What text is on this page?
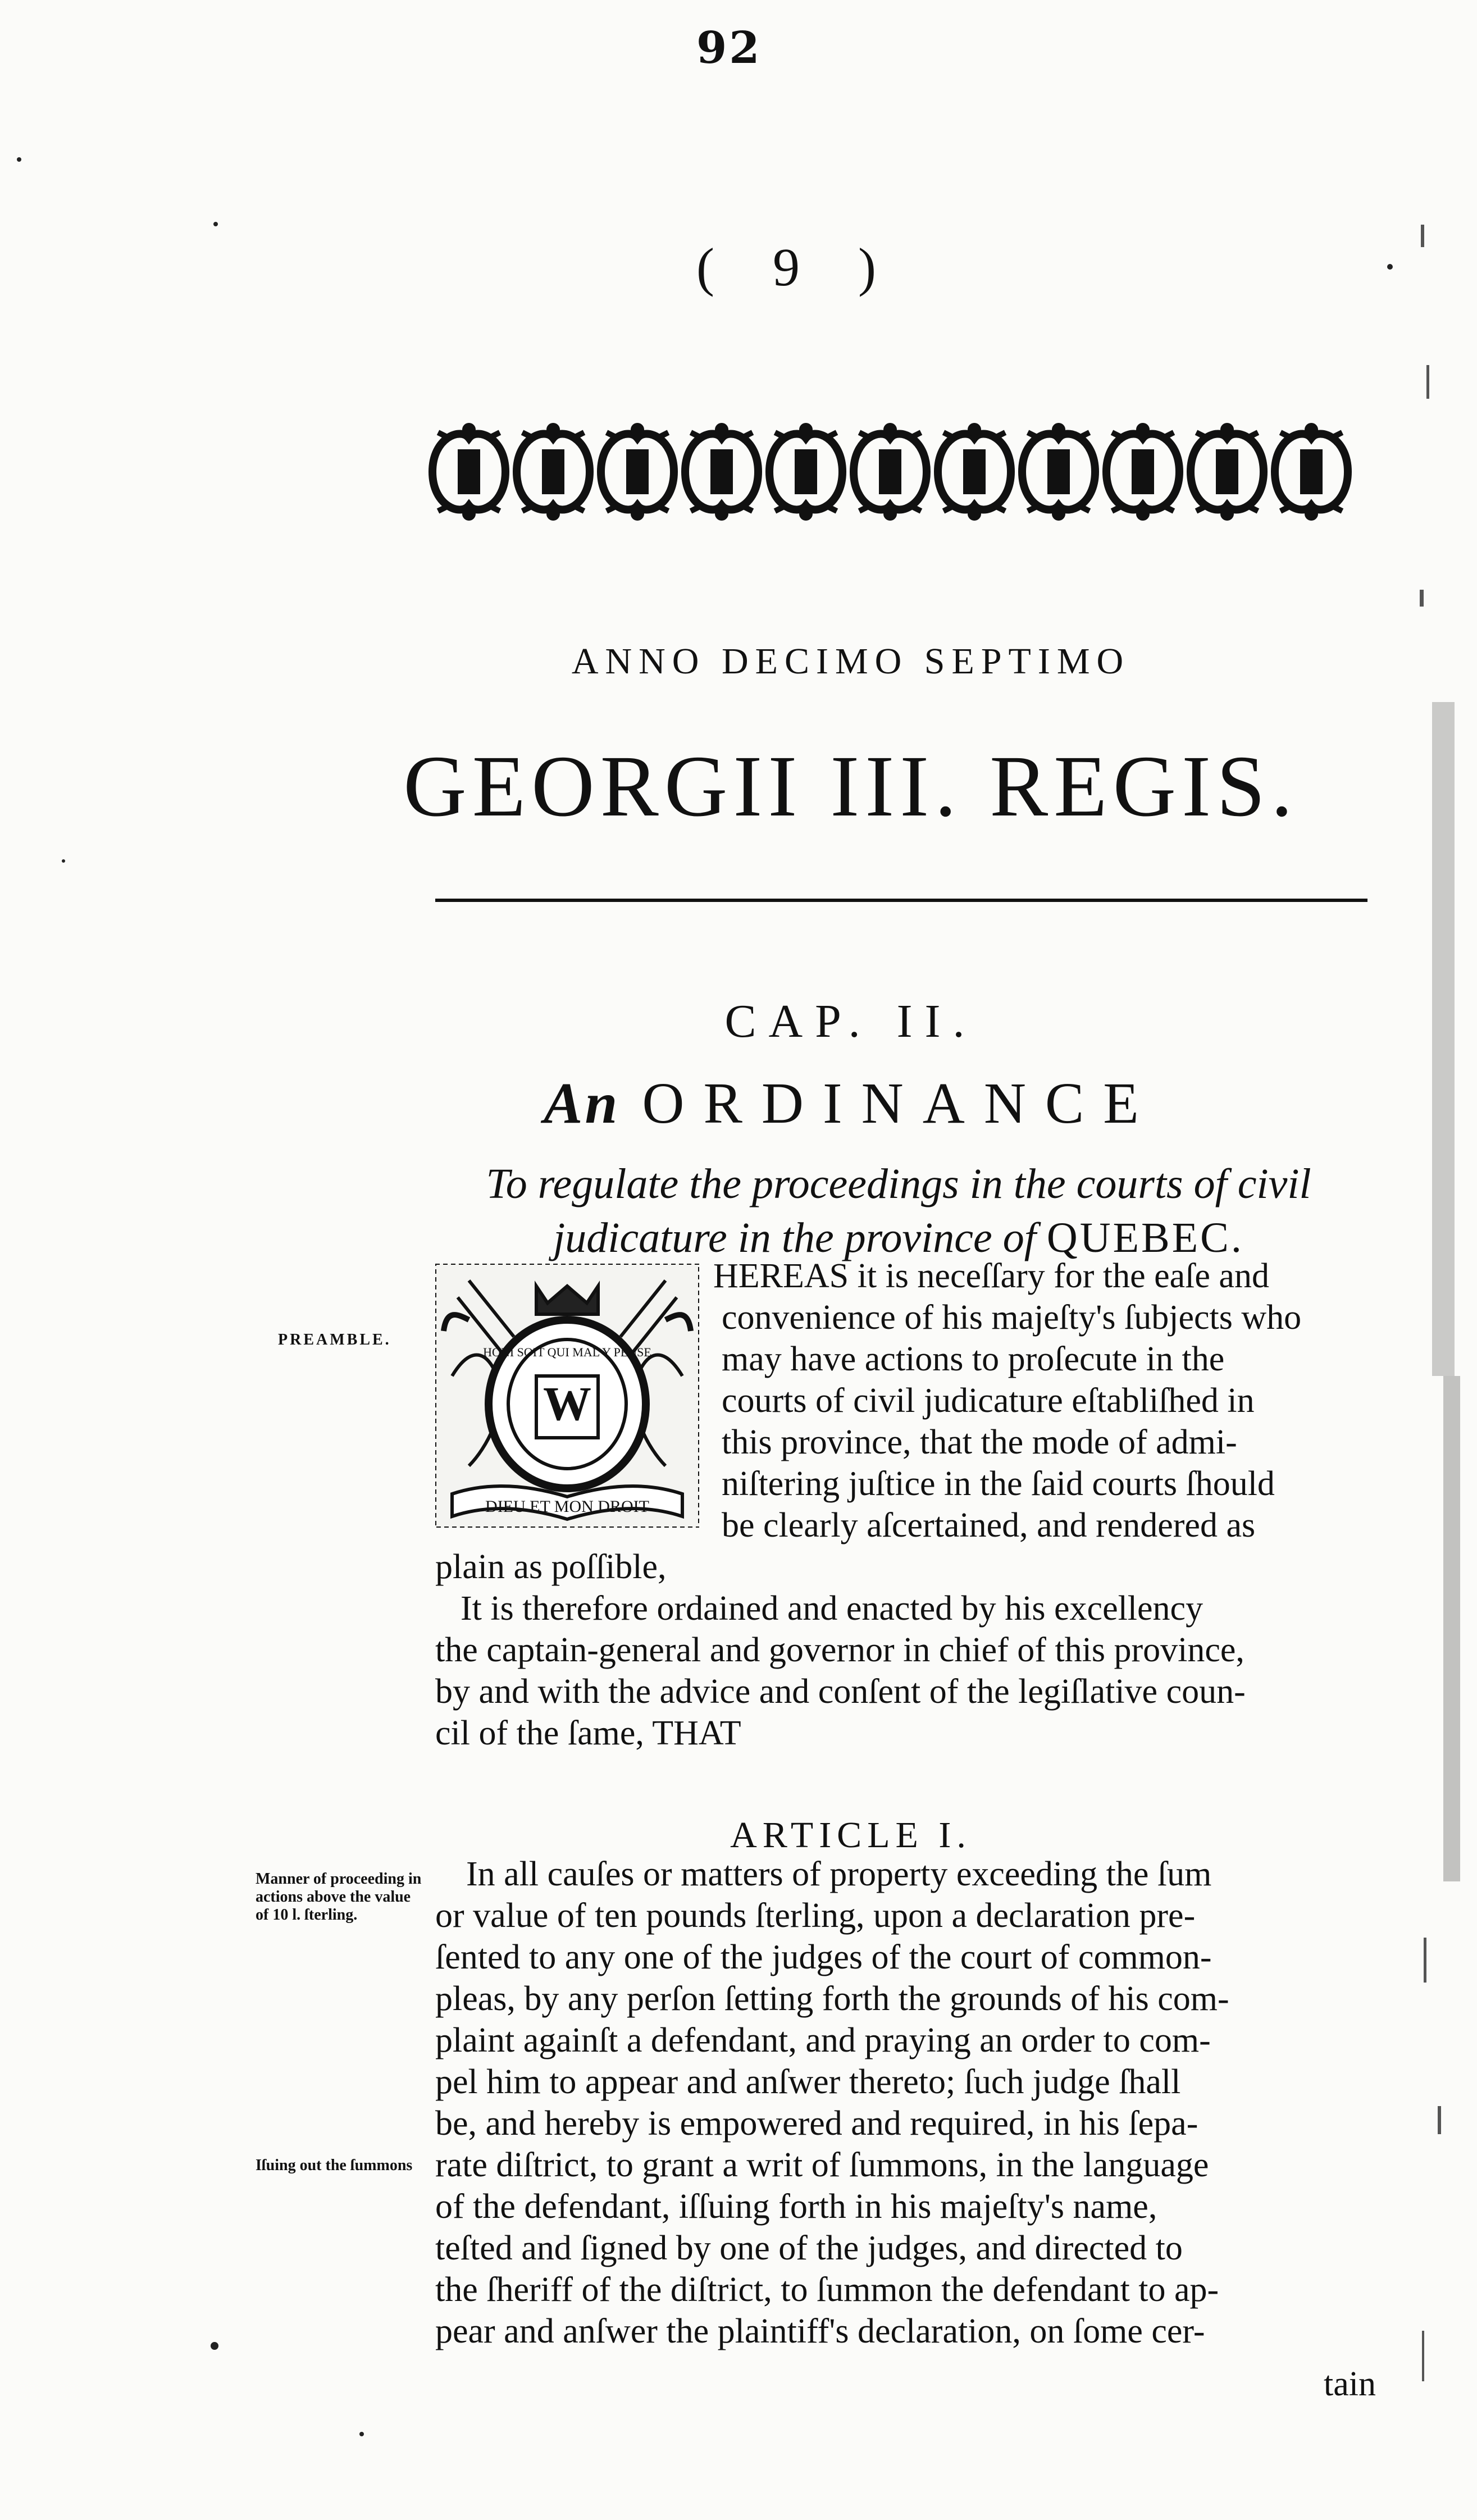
92
( 9 )
ANNO DECIMO SEPTIMO
GEORGII III. REGIS.
CAP. II.
An ORDINANCE
To regulate the proceedings in the courts of civil
judicature in the province of QUEBEC.
W
DIEU ET MON DROIT
HONI SOIT QUI MAL Y PENSE
PREAMBLE.
Manner of proceeding in actions above the value of 10 l. ſterling.
Iſuing out the ſummons
HEREAS it is neceſſary for the eaſe and
convenience of his majeſty's ſubjects who
may have actions to proſecute in the
courts of civil judicature eſtabliſhed in
this province, that the mode of admi-
niſtering juſtice in the ſaid courts ſhould
be clearly aſcertained, and rendered as
plain as poſſible,
It is therefore ordained and enacted by his excellency
the captain-general and governor in chief of this province,
by and with the advice and conſent of the legiſlative coun-
cil of the ſame, THAT
ARTICLE I.
In all cauſes or matters of property exceeding the ſum
or value of ten pounds ſterling, upon a declaration pre-
ſented to any one of the judges of the court of common-
pleas, by any perſon ſetting forth the grounds of his com-
plaint againſt a defendant, and praying an order to com-
pel him to appear and anſwer thereto; ſuch judge ſhall
be, and hereby is empowered and required, in his ſepa-
rate diſtrict, to grant a writ of ſummons, in the language
of the defendant, iſſuing forth in his majeſty's name,
teſted and ſigned by one of the judges, and directed to
the ſheriff of the diſtrict, to ſummon the defendant to ap-
pear and anſwer the plaintiff's declaration, on ſome cer-
tain
